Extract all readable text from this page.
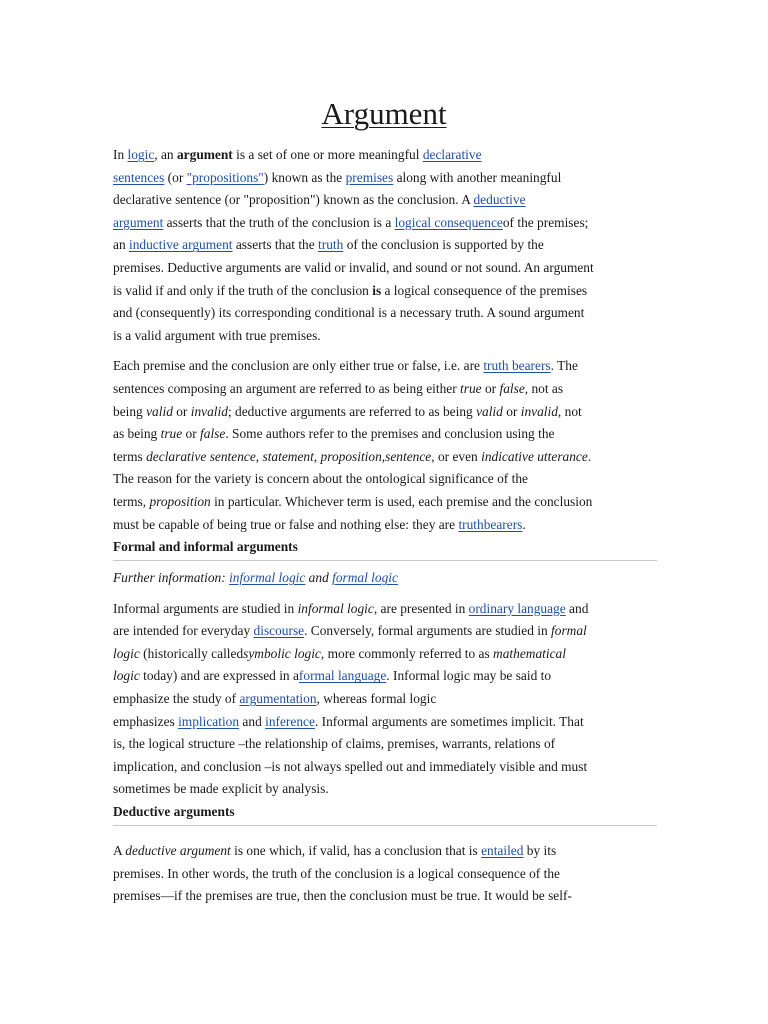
Argument
In logic, an argument is a set of one or more meaningful declarative
sentences (or "propositions") known as the premises along with another meaningful
declarative sentence (or "proposition") known as the conclusion. A deductive
argument asserts that the truth of the conclusion is a logical consequenceof the premises;
an inductive argument asserts that the truth of the conclusion is supported by the
premises. Deductive arguments are valid or invalid, and sound or not sound. An argument
is valid if and only if the truth of the conclusion is a logical consequence of the premises
and (consequently) its corresponding conditional is a necessary truth. A sound argument
is a valid argument with true premises.
Each premise and the conclusion are only either true or false, i.e. are truth bearers. The
sentences composing an argument are referred to as being either true or false, not as
being valid or invalid; deductive arguments are referred to as being valid or invalid, not
as being true or false. Some authors refer to the premises and conclusion using the
terms declarative sentence, statement, proposition,sentence, or even indicative utterance.
The reason for the variety is concern about the ontological significance of the
terms, proposition in particular. Whichever term is used, each premise and the conclusion
must be capable of being true or false and nothing else: they are truthbearers.
Formal and informal arguments
Further information: informal logic and formal logic
Informal arguments are studied in informal logic, are presented in ordinary language and
are intended for everyday discourse. Conversely, formal arguments are studied in formal
logic (historically calledsymbolic logic, more commonly referred to as mathematical
logic today) and are expressed in aformal language. Informal logic may be said to
emphasize the study of argumentation, whereas formal logic
emphasizes implication and inference. Informal arguments are sometimes implicit. That
is, the logical structure –the relationship of claims, premises, warrants, relations of
implication, and conclusion –is not always spelled out and immediately visible and must
sometimes be made explicit by analysis.
Deductive arguments
A deductive argument is one which, if valid, has a conclusion that is entailed by its
premises. In other words, the truth of the conclusion is a logical consequence of the
premises—if the premises are true, then the conclusion must be true. It would be self-
